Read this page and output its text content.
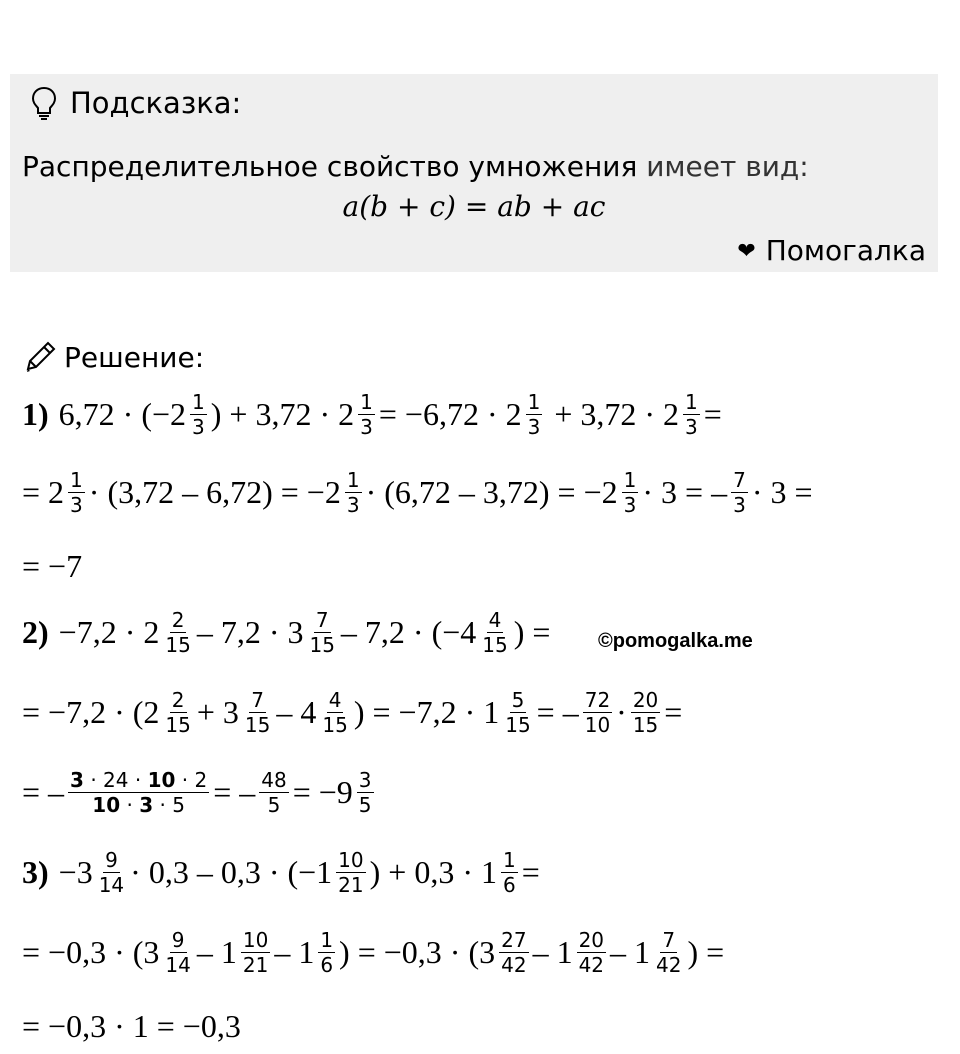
Подсказка:
Распределительное свойство умножения имеет вид:
a(b + c) = ab + ac
❤ Помогалка
Решение:
1) $6,72 \cdot (-2 \frac{1}{3}$ ) + $3,72 \cdot 2 \frac{1}{3} = -6,72 \cdot 2 \frac{1}{3} + 3,72 \cdot 2 \frac{1}{3}$ =
= $2 \frac{1}{3} \cdot (3,72 - 6,72) = -2 \frac{1}{3} \cdot (6,72 - 3,72) = -2 \frac{1}{3} \cdot 3$ = – $\frac{7}{3} \cdot 3$ =
= −7
$2) -7,2 \cdot 2 \frac{2}{15} - 7,2 \cdot 3 \frac{7}{15} - 7,2 \cdot (-4 \frac{4}{15}$ ) = ©pomogalka.me
= $-7,2 \cdot (2 \frac{2}{15} + 3 \frac{7}{15} - 4 \frac{4}{15}$ ) = $-7,2 \cdot 1 \frac{5}{15}$ = – $\frac{72}{10} \cdot \frac{20}{15}$ =
= – $\frac{3 \cdot 24 \cdot 10 \cdot 2}{10 \cdot 3 \cdot 5}$ = – $\frac{48}{5} = -9 \frac{3}{5}$
$3) -3 \frac{9}{14} \cdot 0,3 - 0,3 \cdot (-1 \frac{10}{21}$ ) + $0,3 \cdot 1 \frac{1}{6}$ =
= $-0,3 \cdot (3 \frac{9}{14} - 1 \frac{10}{21} - 1 \frac{1}{6}$ ) = $-0,3 \cdot (3 \frac{27}{42} - 1 \frac{20}{42} - 1 \frac{7}{42}$ ) =
= −0,3 · 1 = −0,3
